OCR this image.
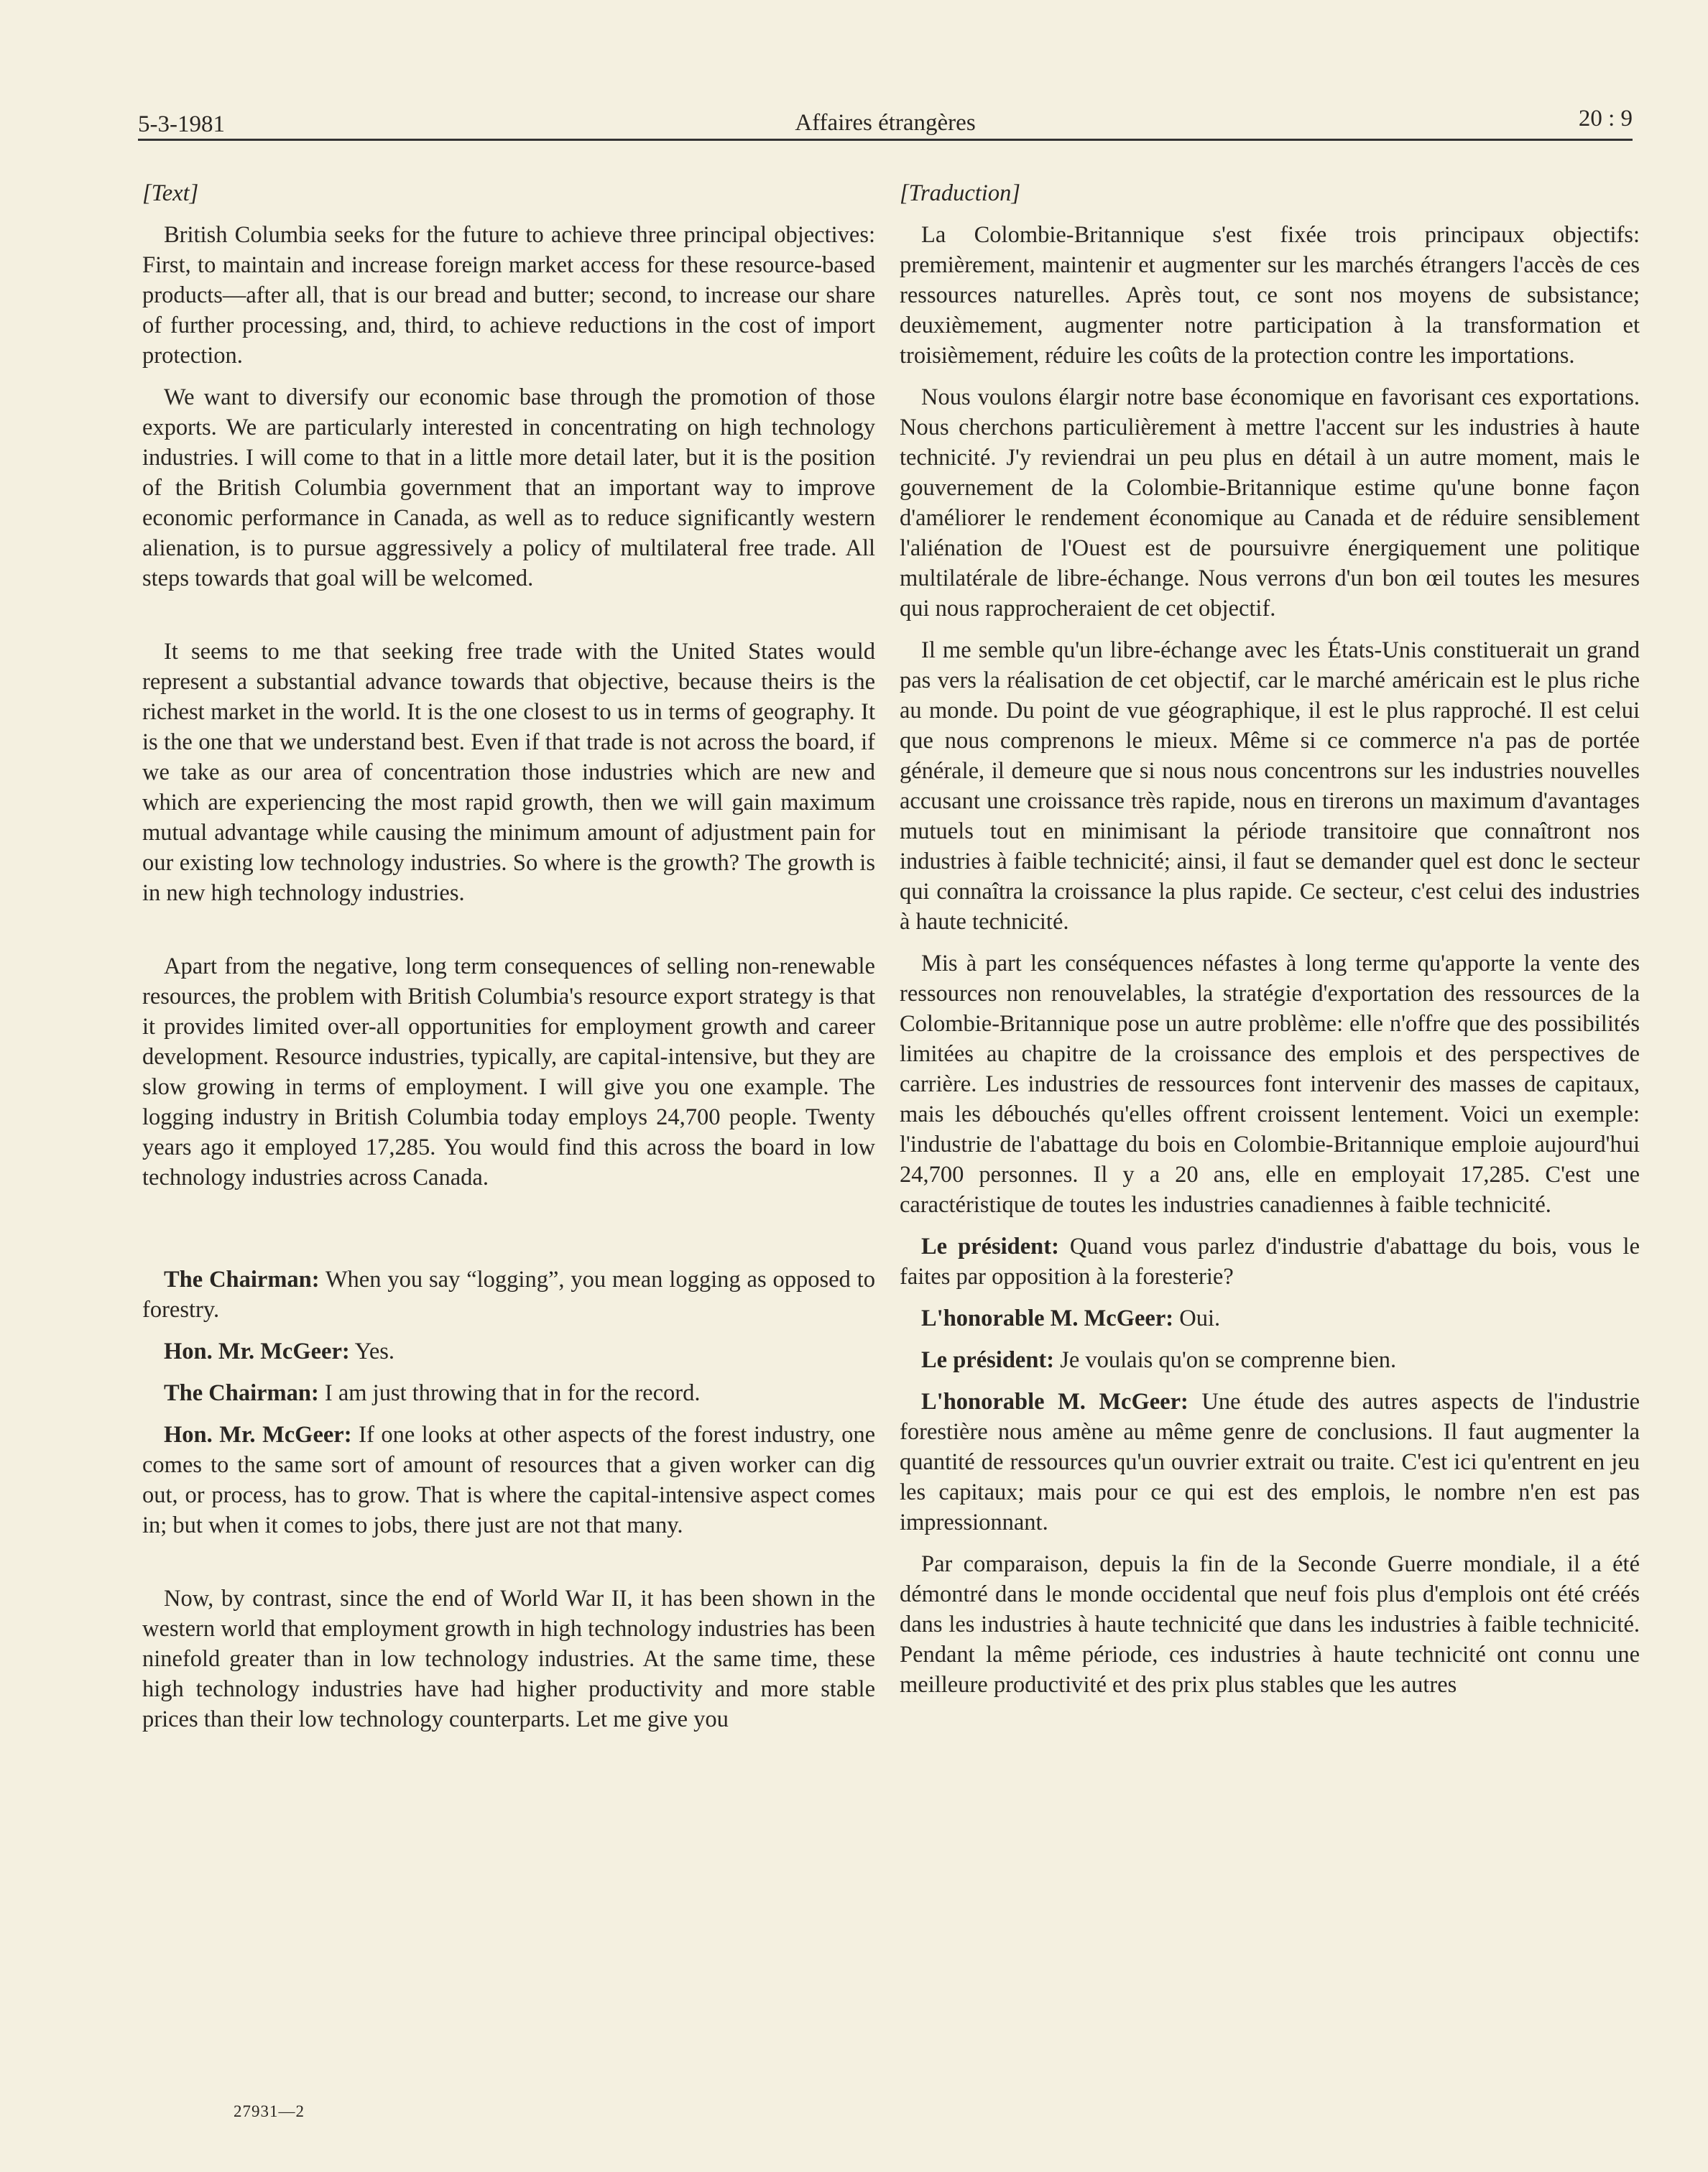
5-3-1981	Affaires étrangères	20 : 9

[Text]

British Columbia seeks for the future to achieve three principal objectives: First, to maintain and increase foreign market access for these resource-based products—after all, that is our bread and butter; second, to increase our share of further processing, and, third, to achieve reductions in the cost of import protection.

We want to diversify our economic base through the promotion of those exports. We are particularly interested in concentrating on high technology industries. I will come to that in a little more detail later, but it is the position of the British Columbia government that an important way to improve economic performance in Canada, as well as to reduce significantly western alienation, is to pursue aggressively a policy of multilateral free trade. All steps towards that goal will be welcomed.

It seems to me that seeking free trade with the United States would represent a substantial advance towards that objective, because theirs is the richest market in the world. It is the one closest to us in terms of geography. It is the one that we understand best. Even if that trade is not across the board, if we take as our area of concentration those industries which are new and which are experiencing the most rapid growth, then we will gain maximum mutual advantage while causing the minimum amount of adjustment pain for our existing low technology industries. So where is the growth? The growth is in new high technology industries.

Apart from the negative, long term consequences of selling non-renewable resources, the problem with British Columbia's resource export strategy is that it provides limited over-all opportunities for employment growth and career development. Resource industries, typically, are capital-intensive, but they are slow growing in terms of employment. I will give you one example. The logging industry in British Columbia today employs 24,700 people. Twenty years ago it employed 17,285. You would find this across the board in low technology industries across Canada.

The Chairman: When you say “logging”, you mean logging as opposed to forestry.

Hon. Mr. McGeer: Yes.

The Chairman: I am just throwing that in for the record.

Hon. Mr. McGeer: If one looks at other aspects of the forest industry, one comes to the same sort of amount of resources that a given worker can dig out, or process, has to grow. That is where the capital-intensive aspect comes in; but when it comes to jobs, there just are not that many.

Now, by contrast, since the end of World War II, it has been shown in the western world that employment growth in high technology industries has been ninefold greater than in low technology industries. At the same time, these high technology industries have had higher productivity and more stable prices than their low technology counterparts. Let me give you

[Traduction]

La Colombie-Britannique s'est fixée trois principaux objectifs: premièrement, maintenir et augmenter sur les marchés étrangers l'accès de ces ressources naturelles. Après tout, ce sont nos moyens de subsistance; deuxièmement, augmenter notre participation à la transformation et troisièmement, réduire les coûts de la protection contre les importations.

Nous voulons élargir notre base économique en favorisant ces exportations. Nous cherchons particulièrement à mettre l'accent sur les industries à haute technicité. J'y reviendrai un peu plus en détail à un autre moment, mais le gouvernement de la Colombie-Britannique estime qu'une bonne façon d'améliorer le rendement économique au Canada et de réduire sensiblement l'aliénation de l'Ouest est de poursuivre énergiquement une politique multilatérale de libre-échange. Nous verrons d'un bon œil toutes les mesures qui nous rapprocheraient de cet objectif.

Il me semble qu'un libre-échange avec les États-Unis constituerait un grand pas vers la réalisation de cet objectif, car le marché américain est le plus riche au monde. Du point de vue géographique, il est le plus rapproché. Il est celui que nous comprenons le mieux. Même si ce commerce n'a pas de portée générale, il demeure que si nous nous concentrons sur les industries nouvelles accusant une croissance très rapide, nous en tirerons un maximum d'avantages mutuels tout en minimisant la période transitoire que connaîtront nos industries à faible technicité; ainsi, il faut se demander quel est donc le secteur qui connaîtra la croissance la plus rapide. Ce secteur, c'est celui des industries à haute technicité.

Mis à part les conséquences néfastes à long terme qu'apporte la vente des ressources non renouvelables, la stratégie d'exportation des ressources de la Colombie-Britannique pose un autre problème: elle n'offre que des possibilités limitées au chapitre de la croissance des emplois et des perspectives de carrière. Les industries de ressources font intervenir des masses de capitaux, mais les débouchés qu'elles offrent croissent lentement. Voici un exemple: l'industrie de l'abattage du bois en Colombie-Britannique emploie aujourd'hui 24,700 personnes. Il y a 20 ans, elle en employait 17,285. C'est une caractéristique de toutes les industries canadiennes à faible technicité.

Le président: Quand vous parlez d'industrie d'abattage du bois, vous le faites par opposition à la foresterie?

L'honorable M. McGeer: Oui.

Le président: Je voulais qu'on se comprenne bien.

L'honorable M. McGeer: Une étude des autres aspects de l'industrie forestière nous amène au même genre de conclusions. Il faut augmenter la quantité de ressources qu'un ouvrier extrait ou traite. C'est ici qu'entrent en jeu les capitaux; mais pour ce qui est des emplois, le nombre n'en est pas impressionnant.

Par comparaison, depuis la fin de la Seconde Guerre mondiale, il a été démontré dans le monde occidental que neuf fois plus d'emplois ont été créés dans les industries à haute technicité que dans les industries à faible technicité. Pendant la même période, ces industries à haute technicité ont connu une meilleure productivité et des prix plus stables que les autres

27931—2
